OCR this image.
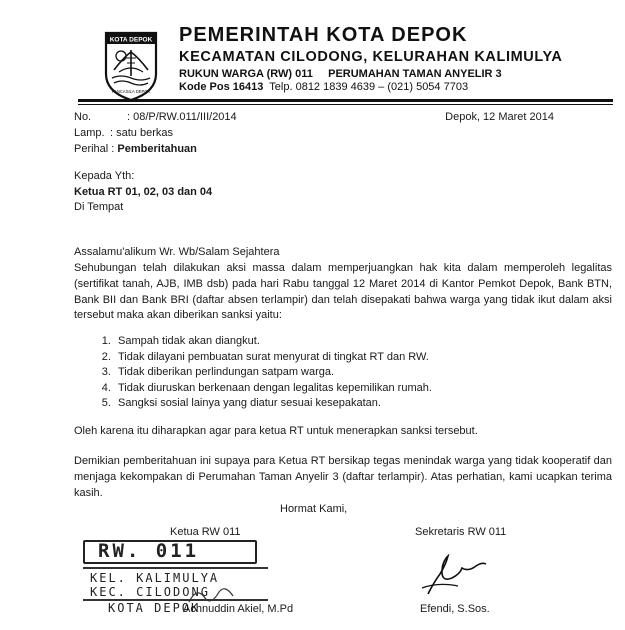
KOTA DEPOK
PANCASILA DEPOK
PEMERINTAH KOTA DEPOK
KECAMATAN CILODONG, KELURAHAN KALIMULYA
RUKUN WARGA (RW) 011     PERUMAHAN TAMAN ANYELIR 3
Kode Pos 16413  Telp. 0812 1839 4639 – (021) 5054 7703
No.	: 08/P/RW.011/III/2014	Depok, 12 Maret 2014
Lamp. : satu berkas
Perihal : Pemberitahuan
Kepada Yth:
Ketua RT 01, 02, 03 dan 04
Di Tempat
Assalamu'alikum Wr. Wb/Salam Sejahtera
Sehubungan telah dilakukan aksi massa dalam memperjuangkan hak kita dalam memperoleh legalitas (sertifikat tanah, AJB, IMB dsb) pada hari Rabu tanggal 12 Maret 2014 di Kantor Pemkot Depok, Bank BTN, Bank BII dan Bank BRI (daftar absen terlampir) dan telah disepakati bahwa warga yang tidak ikut dalam aksi tersebut maka akan diberikan sanksi yaitu:
1. Sampah tidak akan diangkut.
2. Tidak dilayani pembuatan surat menyurat di tingkat RT dan RW.
3. Tidak diberikan perlindungan satpam warga.
4. Tidak diuruskan berkenaan dengan legalitas kepemilikan rumah.
5. Sangksi sosial lainya yang diatur sesuai kesepakatan.
Oleh karena itu diharapkan agar para ketua RT untuk menerapkan sanksi tersebut.
Demikian pemberitahuan ini supaya para Ketua RT bersikap tegas menindak warga yang tidak kooperatif dan menjaga kekompakan di Perumahan Taman Anyelir 3 (daftar terlampir). Atas perhatian, kami ucapkan terima kasih.
Hormat Kami,
Ketua RW 011	Sekretaris RW 011
RW. 011
KEL. KALIMULYA
KEC. CILODONG
KOTA DEPOK
Achnuddin Akiel, M.Pd	Efendi, S.Sos.
